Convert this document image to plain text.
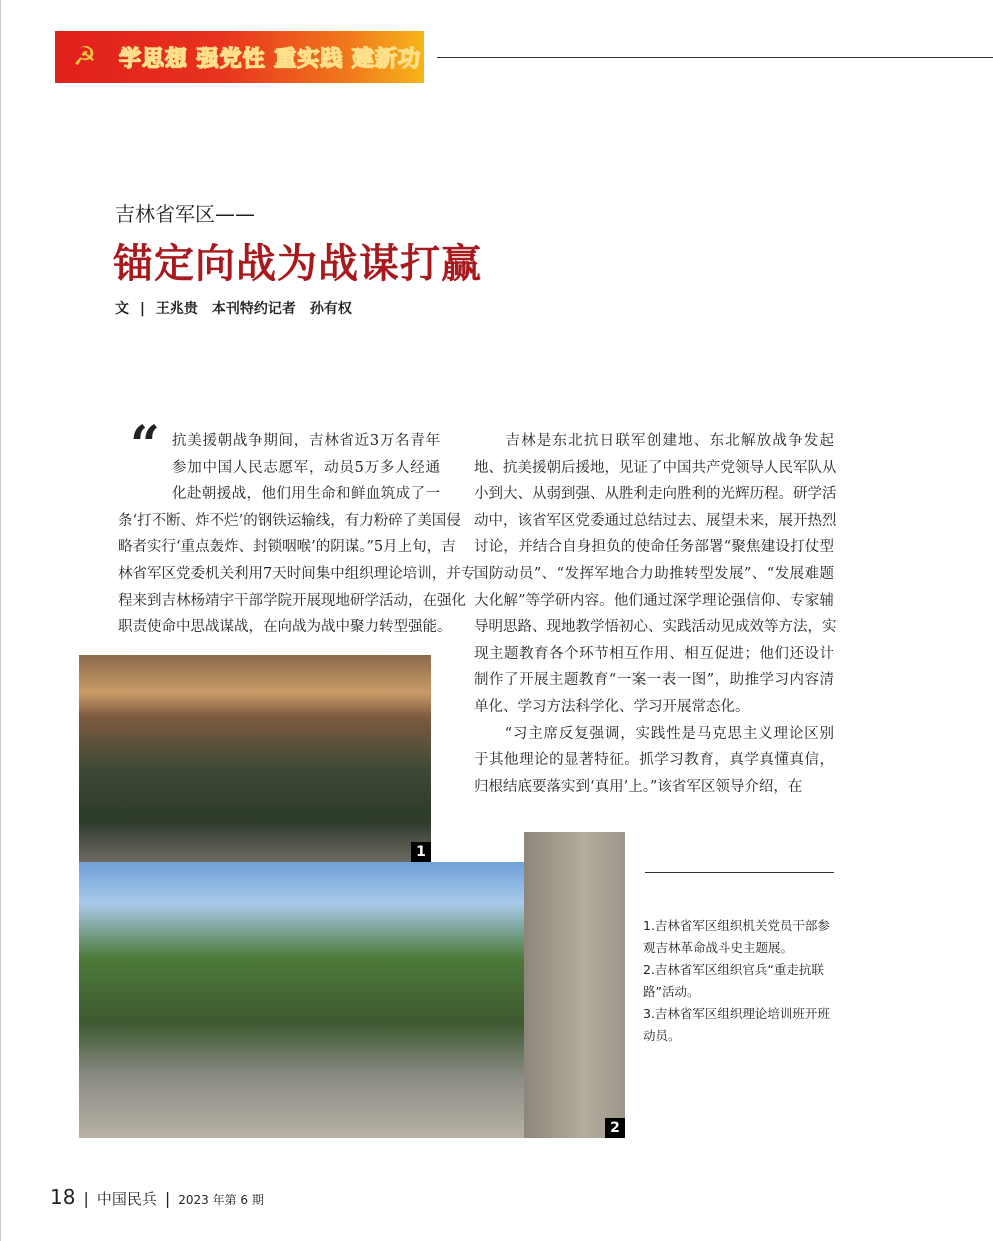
☭	学思想 强党性 重实践 建新功
吉林省军区——
锚定向战为战谋打赢
文 | 王兆贵　本刊特约记者　孙有权
“ 抗美援朝战争期间，吉林省近3万名青年
参加中国人民志愿军，动员5万多人经通
化赴朝援战，他们用生命和鲜血筑成了一
条‘打不断、炸不烂’的钢铁运输线，有力粉碎了美国侵
略者实行‘重点轰炸、封锁咽喉’的阴谋。”5月上旬，吉
林省军区党委机关利用7天时间集中组织理论培训，并专
程来到吉林杨靖宇干部学院开展现地研学活动，在强化
职责使命中思战谋战，在向战为战中聚力转型强能。
　　吉林是东北抗日联军创建地、东北解放战争发起
地、抗美援朝后援地，见证了中国共产党领导人民军队从
小到大、从弱到强、从胜利走向胜利的光辉历程。研学活
动中，该省军区党委通过总结过去、展望未来，展开热烈
讨论，并结合自身担负的使命任务部署“聚焦建设打仗型
国防动员”、“发挥军地合力助推转型发展”、“发展难题
大化解”等学研内容。他们通过深学理论强信仰、专家辅
导明思路、现地教学悟初心、实践活动见成效等方法，实
现主题教育各个环节相互作用、相互促进；他们还设计
制作了开展主题教育“一案一表一图”，助推学习内容清
单化、学习方法科学化、学习开展常态化。
　　“习主席反复强调，实践性是马克思主义理论区别
于其他理论的显著特征。抓学习教育，真学真懂真信，
归根结底要落实到‘真用’上。”该省军区领导介绍，在
1
2
1.吉林省军区组织机关党员干部参观吉林革命战斗史主题展。
2.吉林省军区组织官兵“重走抗联路”活动。
3.吉林省军区组织理论培训班开班动员。
18 | 中国民兵 | 2023 年第 6 期
